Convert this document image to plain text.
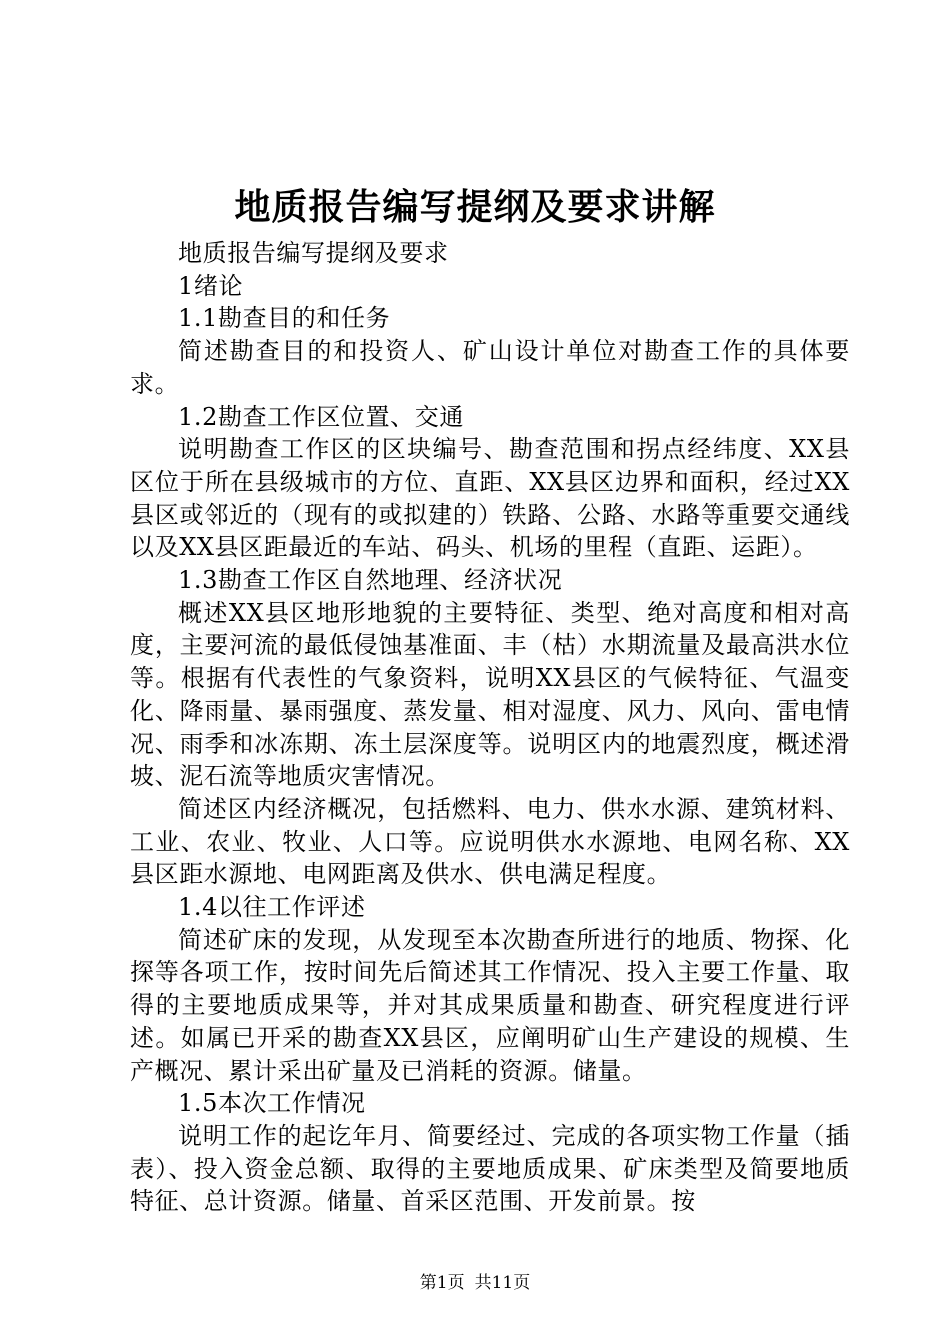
地质报告编写提纲及要求讲解

地质报告编写提纲及要求

1绪论

1.1勘查目的和任务

简述勘查目的和投资人、矿山设计单位对勘查工作的具体要求。

1.2勘查工作区位置、交通

说明勘查工作区的区块编号、勘查范围和拐点经纬度、XX县区位于所在县级城市的方位、直距、XX县区边界和面积，经过XX县区或邻近的（现有的或拟建的）铁路、公路、水路等重要交通线以及XX县区距最近的车站、码头、机场的里程（直距、运距）。

1.3勘查工作区自然地理、经济状况

概述XX县区地形地貌的主要特征、类型、绝对高度和相对高度，主要河流的最低侵蚀基准面、丰（枯）水期流量及最高洪水位等。根据有代表性的气象资料，说明XX县区的气候特征、气温变化、降雨量、暴雨强度、蒸发量、相对湿度、风力、风向、雷电情况、雨季和冰冻期、冻土层深度等。说明区内的地震烈度，概述滑坡、泥石流等地质灾害情况。

简述区内经济概况，包括燃料、电力、供水水源、建筑材料、工业、农业、牧业、人口等。应说明供水水源地、电网名称、XX县区距水源地、电网距离及供水、供电满足程度。

1.4以往工作评述

简述矿床的发现，从发现至本次勘查所进行的地质、物探、化探等各项工作，按时间先后简述其工作情况、投入主要工作量、取得的主要地质成果等，并对其成果质量和勘查、研究程度进行评述。如属已开采的勘查XX县区，应阐明矿山生产建设的规模、生产概况、累计采出矿量及已消耗的资源。储量。

1.5本次工作情况

说明工作的起讫年月、简要经过、完成的各项实物工作量（插表）、投入资金总额、取得的主要地质成果、矿床类型及简要地质特征、总计资源。储量、首采区范围、开发前景。按

第1页 共11页
